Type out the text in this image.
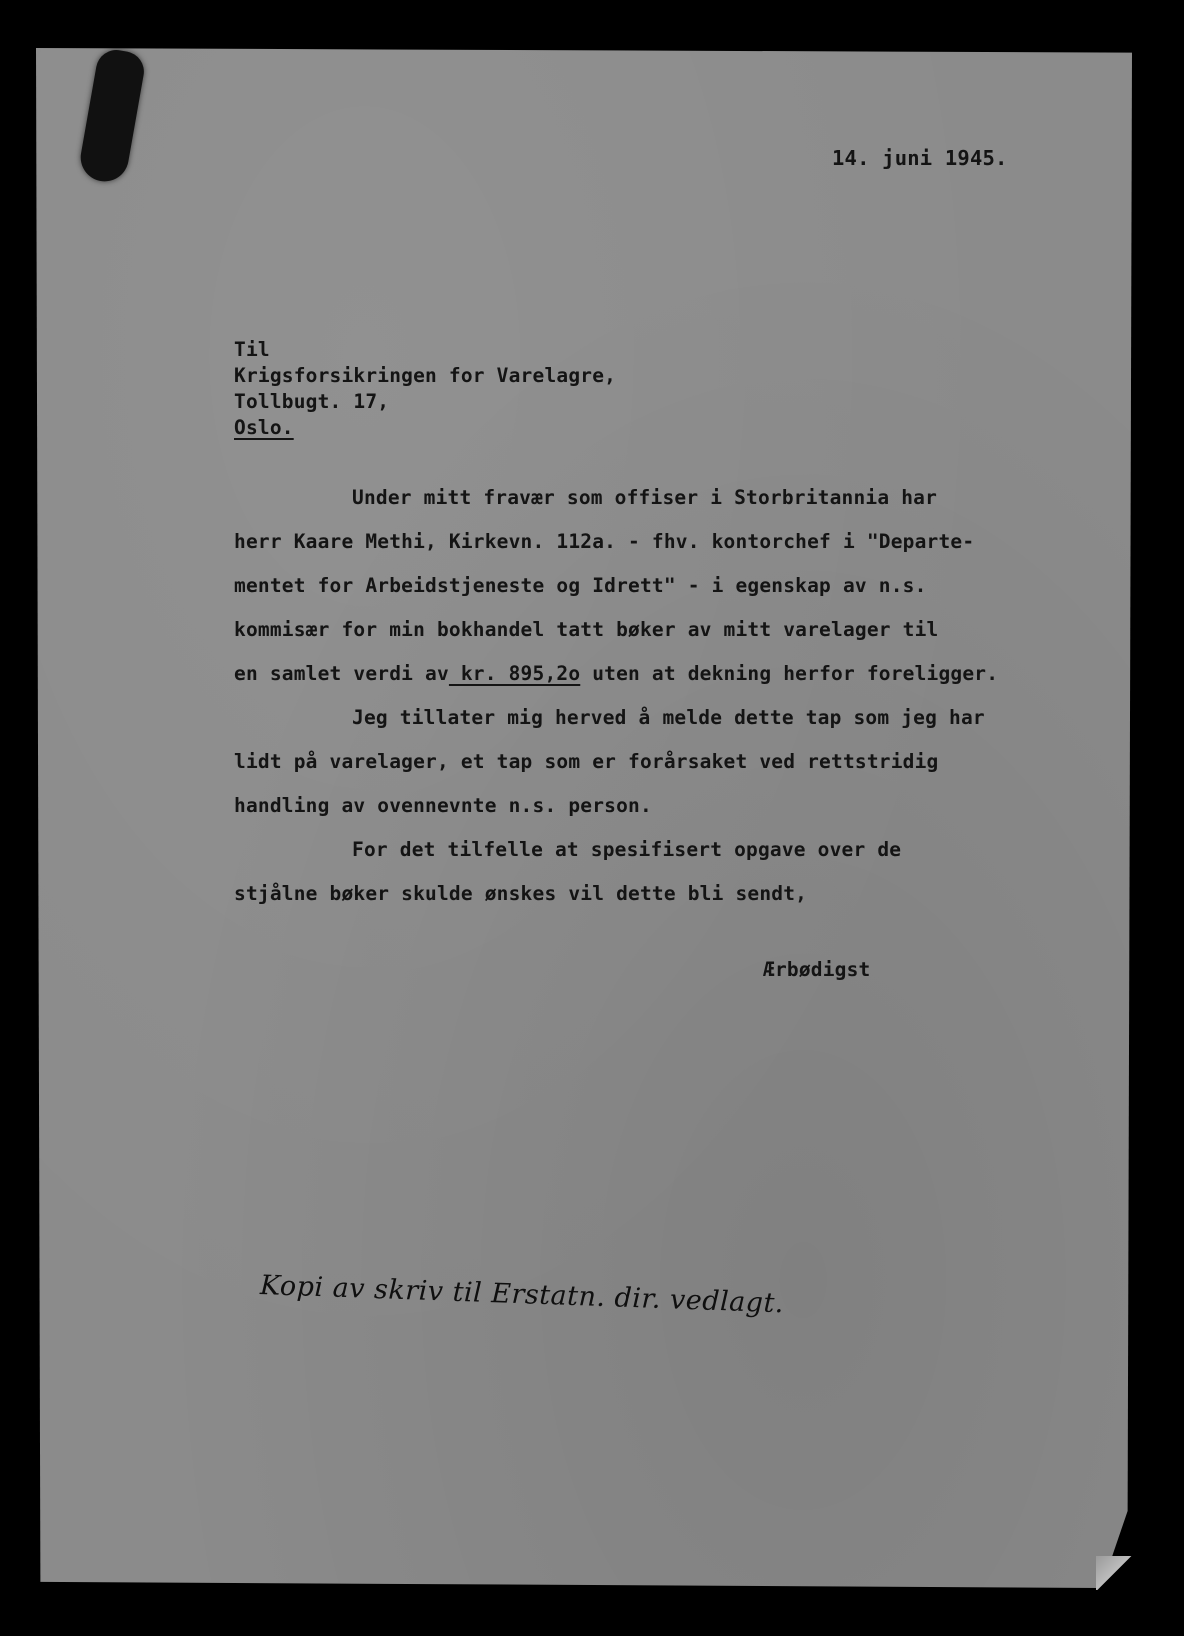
14. juni 1945.

Til

Krigsforsikringen for Varelagre,

Tollbugt. 17,

Oslo.

Under mitt fravær som offiser i Storbritannia har

herr Kaare Methi, Kirkevn. 112a. - fhv. kontorchef i "Departe-

mentet for Arbeidstjeneste og Idrett" - i egenskap av n.s.

kommisær for min bokhandel tatt bøker av mitt varelager til

en samlet verdi av kr. 895,2o uten at dekning herfor foreligger.

Jeg tillater mig herved å melde dette tap som jeg har

lidt på varelager, et tap som er forårsaket ved rettstridig

handling av ovennevnte n.s. person.

For det tilfelle at spesifisert opgave over de

stjålne bøker skulde ønskes vil dette bli sendt,

Ærbødigst

Kopi av skriv til Erstatn. dir. vedlagt.
